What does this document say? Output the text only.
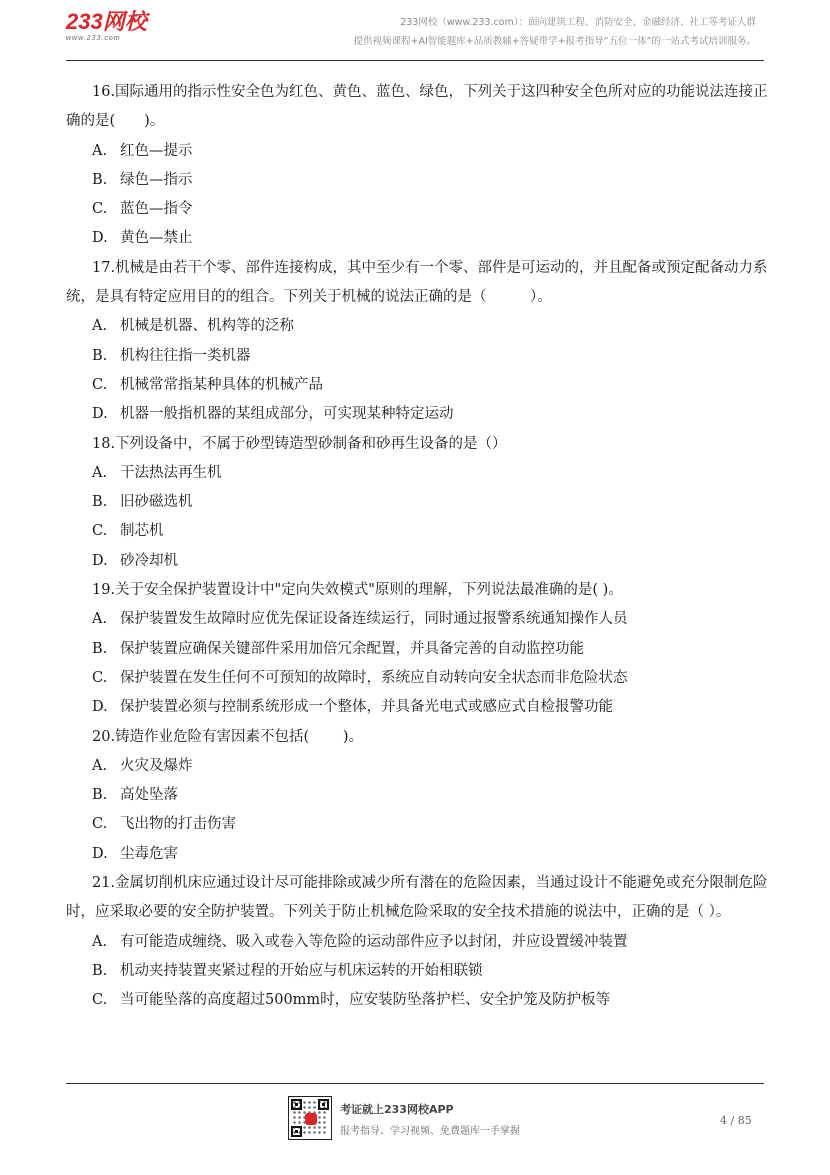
233网校
www.233.com
233网校（www.233.com）：面向建筑工程、消防安全、金融经济、社工等考证人群
提供视频课程+AI智能题库+品质教辅+答疑带学+报考指导“五位一体”的一站式考试培训服务。

16.国际通用的指示性安全色为红色、黄色、蓝色、绿色，下列关于这四种安全色所对应的功能说法连接正确的是(　　)。

A. 红色—提示

B. 绿色—指示

C. 蓝色—指令

D. 黄色—禁止

17.机械是由若干个零、部件连接构成，其中至少有一个零、部件是可运动的，并且配备或预定配备动力系统，是具有特定应用目的的组合。下列关于机械的说法正确的是（　　　）。

A. 机械是机器、机构等的泛称

B. 机构往往指一类机器

C. 机械常常指某种具体的机械产品

D. 机器一般指机器的某组成部分，可实现某种特定运动

18.下列设备中，不属于砂型铸造型砂制备和砂再生设备的是（）

A. 干法热法再生机

B. 旧砂磁选机

C. 制芯机

D. 砂冷却机

19.关于安全保护装置设计中"定向失效模式"原则的理解，下列说法最准确的是( )。

A. 保护装置发生故障时应优先保证设备连续运行，同时通过报警系统通知操作人员

B. 保护装置应确保关键部件采用加倍冗余配置，并具备完善的自动监控功能

C. 保护装置在发生任何不可预知的故障时，系统应自动转向安全状态而非危险状态

D. 保护装置必须与控制系统形成一个整体，并具备光电式或感应式自检报警功能

20.铸造作业危险有害因素不包括(　　 )。

A. 火灾及爆炸

B. 高处坠落

C. 飞出物的打击伤害

D. 尘毒危害

21.金属切削机床应通过设计尽可能排除或减少所有潜在的危险因素，当通过设计不能避免或充分限制危险时，应采取必要的安全防护装置。下列关于防止机械危险采取的安全技术措施的说法中，正确的是（ ）。

A. 有可能造成缠绕、吸入或卷入等危险的运动部件应予以封闭，并应设置缓冲装置

B. 机动夹持装置夹紧过程的开始应与机床运转的开始相联锁

C. 当可能坠落的高度超过500mm时，应安装防坠落护栏、安全护笼及防护板等

考证就上233网校APP
报考指导、学习视频、免费题库一手掌握
4 / 85
